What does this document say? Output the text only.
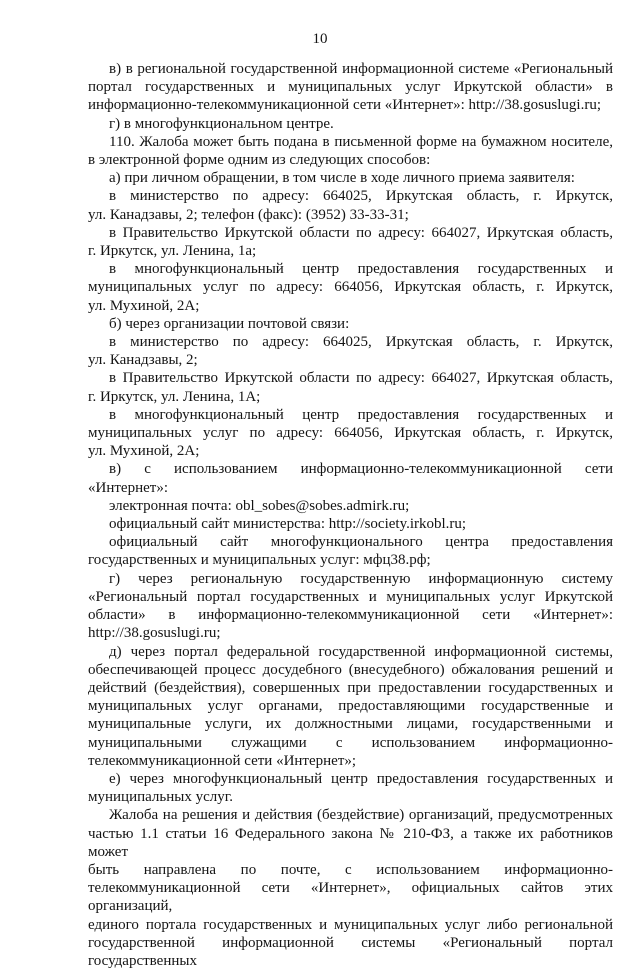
10

в) в региональной государственной информационной системе «Региональный

портал государственных и муниципальных услуг Иркутской области» в

информационно-телекоммуникационной сети «Интернет»: http://38.gosuslugi.ru;

г) в многофункциональном центре.

110. Жалоба может быть подана в письменной форме на бумажном носителе,

в электронной форме одним из следующих способов:

а) при личном обращении, в том числе в ходе личного приема заявителя:

в министерство по адресу: 664025, Иркутская область, г. Иркутск,

ул. Канадзавы, 2; телефон (факс): (3952) 33-33-31;

в Правительство Иркутской области по адресу: 664027, Иркутская область,

г. Иркутск, ул. Ленина, 1а;

в многофункциональный центр предоставления государственных и

муниципальных услуг по адресу: 664056, Иркутская область, г. Иркутск,

ул. Мухиной, 2А;

б) через организации почтовой связи:

в министерство по адресу: 664025, Иркутская область, г. Иркутск,

ул. Канадзавы, 2;

в Правительство Иркутской области по адресу: 664027, Иркутская область,

г. Иркутск, ул. Ленина, 1А;

в многофункциональный центр предоставления государственных и

муниципальных услуг по адресу: 664056, Иркутская область, г. Иркутск,

ул. Мухиной, 2А;

в) с использованием информационно-телекоммуникационной сети

«Интернет»:

электронная почта: obl_sobes@sobes.admirk.ru;

официальный сайт министерства: http://society.irkobl.ru;

официальный сайт многофункционального центра предоставления

государственных и муниципальных услуг: мфц38.рф;

г) через региональную государственную информационную систему

«Региональный портал государственных и муниципальных услуг Иркутской

области» в информационно-телекоммуникационной сети «Интернет»:

http://38.gosuslugi.ru;

д) через портал федеральной государственной информационной системы,

обеспечивающей процесс досудебного (внесудебного) обжалования решений и

действий (бездействия), совершенных при предоставлении государственных и

муниципальных услуг органами, предоставляющими государственные и

муниципальные услуги, их должностными лицами, государственными и

муниципальными служащими с использованием информационно-

телекоммуникационной сети «Интернет»;

е) через многофункциональный центр предоставления государственных и

муниципальных услуг.

Жалоба на решения и действия (бездействие) организаций, предусмотренных

частью 1.1 статьи 16 Федерального закона № 210-ФЗ, а также их работников может

быть направлена по почте, с использованием информационно-

телекоммуникационной сети «Интернет», официальных сайтов этих организаций,

единого портала государственных и муниципальных услуг либо региональной

государственной информационной системы «Региональный портал государственных
